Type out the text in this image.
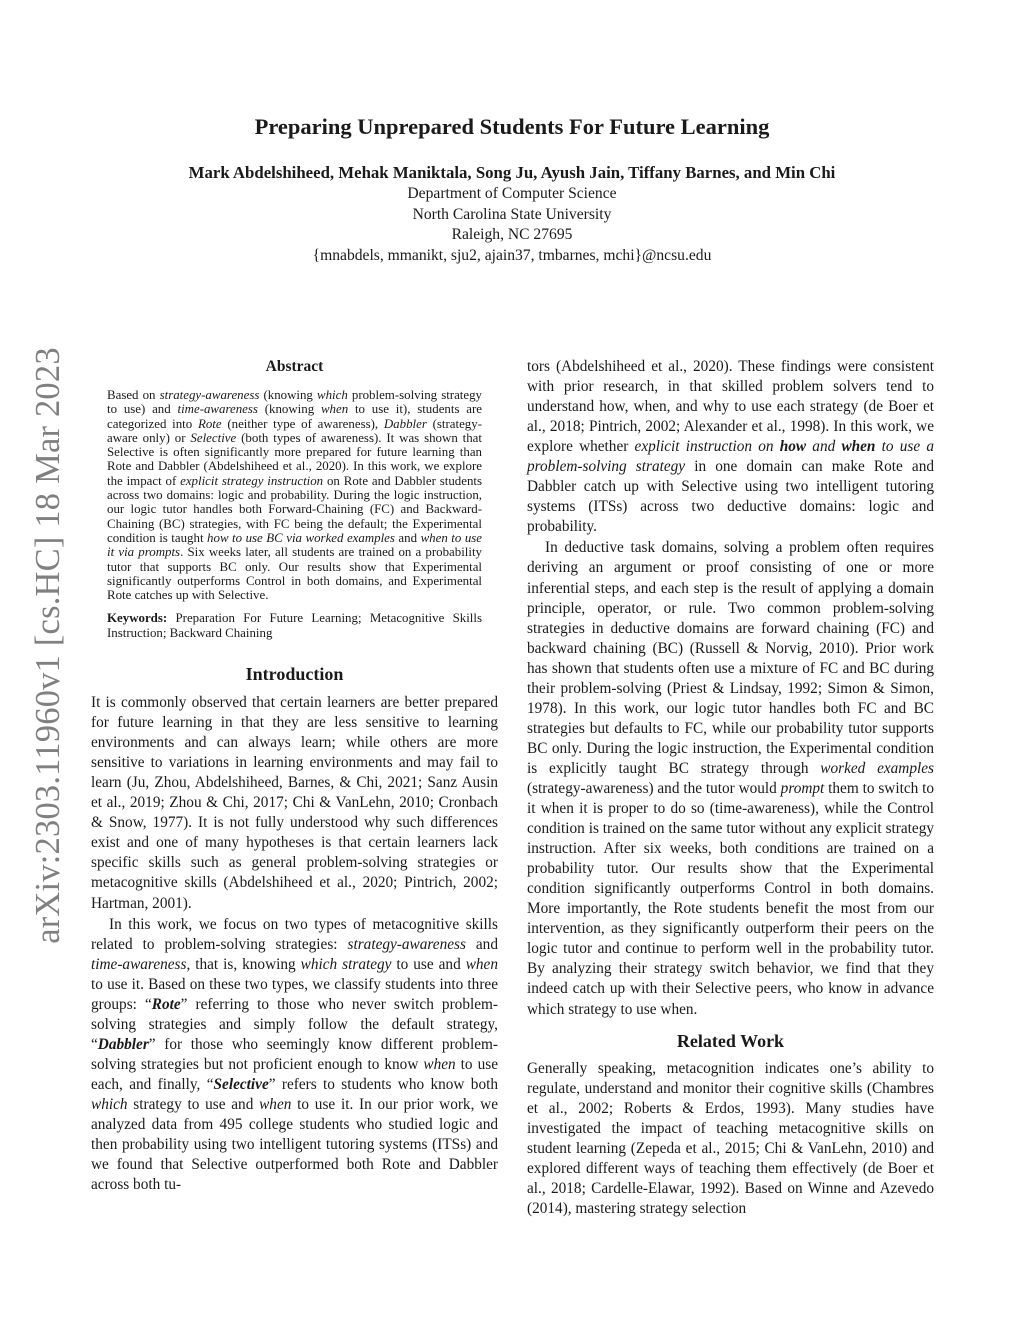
arXiv:2303.11960v1 [cs.HC] 18 Mar 2023
Preparing Unprepared Students For Future Learning
Mark Abdelshiheed, Mehak Maniktala, Song Ju, Ayush Jain, Tiffany Barnes, and Min Chi
Department of Computer Science
North Carolina State University
Raleigh, NC 27695
{mnabdels, mmanikt, sju2, ajain37, tmbarnes, mchi}@ncsu.edu
Abstract

Based on strategy-awareness (knowing which problem-solving strategy to use) and time-awareness (knowing when to use it), students are categorized into Rote (neither type of awareness), Dabbler (strategy-aware only) or Selective (both types of awareness). It was shown that Selective is often significantly more prepared for future learning than Rote and Dabbler (Abdelshiheed et al., 2020). In this work, we explore the impact of explicit strategy instruction on Rote and Dabbler students across two domains: logic and probability. During the logic instruction, our logic tutor handles both Forward-Chaining (FC) and Backward-Chaining (BC) strategies, with FC being the default; the Experimental condition is taught how to use BC via worked examples and when to use it via prompts. Six weeks later, all students are trained on a probability tutor that supports BC only. Our results show that Experimental significantly outperforms Control in both domains, and Experimental Rote catches up with Selective.

Keywords: Preparation For Future Learning; Metacognitive Skills Instruction; Backward Chaining

Introduction

It is commonly observed that certain learners are better prepared for future learning in that they are less sensitive to learning environments and can always learn; while others are more sensitive to variations in learning environments and may fail to learn (Ju, Zhou, Abdelshiheed, Barnes, & Chi, 2021; Sanz Ausin et al., 2019; Zhou & Chi, 2017; Chi & VanLehn, 2010; Cronbach & Snow, 1977). It is not fully understood why such differences exist and one of many hypotheses is that certain learners lack specific skills such as general problem-solving strategies or metacognitive skills (Abdelshiheed et al., 2020; Pintrich, 2002; Hartman, 2001).

In this work, we focus on two types of metacognitive skills related to problem-solving strategies: strategy-awareness and time-awareness, that is, knowing which strategy to use and when to use it. Based on these two types, we classify students into three groups: “Rote” referring to those who never switch problem-solving strategies and simply follow the default strategy, “Dabbler” for those who seemingly know different problem-solving strategies but not proficient enough to know when to use each, and finally, “Selective” refers to students who know both which strategy to use and when to use it. In our prior work, we analyzed data from 495 college students who studied logic and then probability using two intelligent tutoring systems (ITSs) and we found that Selective outperformed both Rote and Dabbler across both tu-

tors (Abdelshiheed et al., 2020). These findings were consistent with prior research, in that skilled problem solvers tend to understand how, when, and why to use each strategy (de Boer et al., 2018; Pintrich, 2002; Alexander et al., 1998). In this work, we explore whether explicit instruction on how and when to use a problem-solving strategy in one domain can make Rote and Dabbler catch up with Selective using two intelligent tutoring systems (ITSs) across two deductive domains: logic and probability.

In deductive task domains, solving a problem often requires deriving an argument or proof consisting of one or more inferential steps, and each step is the result of applying a domain principle, operator, or rule. Two common problem-solving strategies in deductive domains are forward chaining (FC) and backward chaining (BC) (Russell & Norvig, 2010). Prior work has shown that students often use a mixture of FC and BC during their problem-solving (Priest & Lindsay, 1992; Simon & Simon, 1978). In this work, our logic tutor handles both FC and BC strategies but defaults to FC, while our probability tutor supports BC only. During the logic instruction, the Experimental condition is explicitly taught BC strategy through worked examples (strategy-awareness) and the tutor would prompt them to switch to it when it is proper to do so (time-awareness), while the Control condition is trained on the same tutor without any explicit strategy instruction. After six weeks, both conditions are trained on a probability tutor. Our results show that the Experimental condition significantly outperforms Control in both domains. More importantly, the Rote students benefit the most from our intervention, as they significantly outperform their peers on the logic tutor and continue to perform well in the probability tutor. By analyzing their strategy switch behavior, we find that they indeed catch up with their Selective peers, who know in advance which strategy to use when.

Related Work

Generally speaking, metacognition indicates one’s ability to regulate, understand and monitor their cognitive skills (Chambres et al., 2002; Roberts & Erdos, 1993). Many studies have investigated the impact of teaching metacognitive skills on student learning (Zepeda et al., 2015; Chi & VanLehn, 2010) and explored different ways of teaching them effectively (de Boer et al., 2018; Cardelle-Elawar, 1992). Based on Winne and Azevedo (2014), mastering strategy selection
